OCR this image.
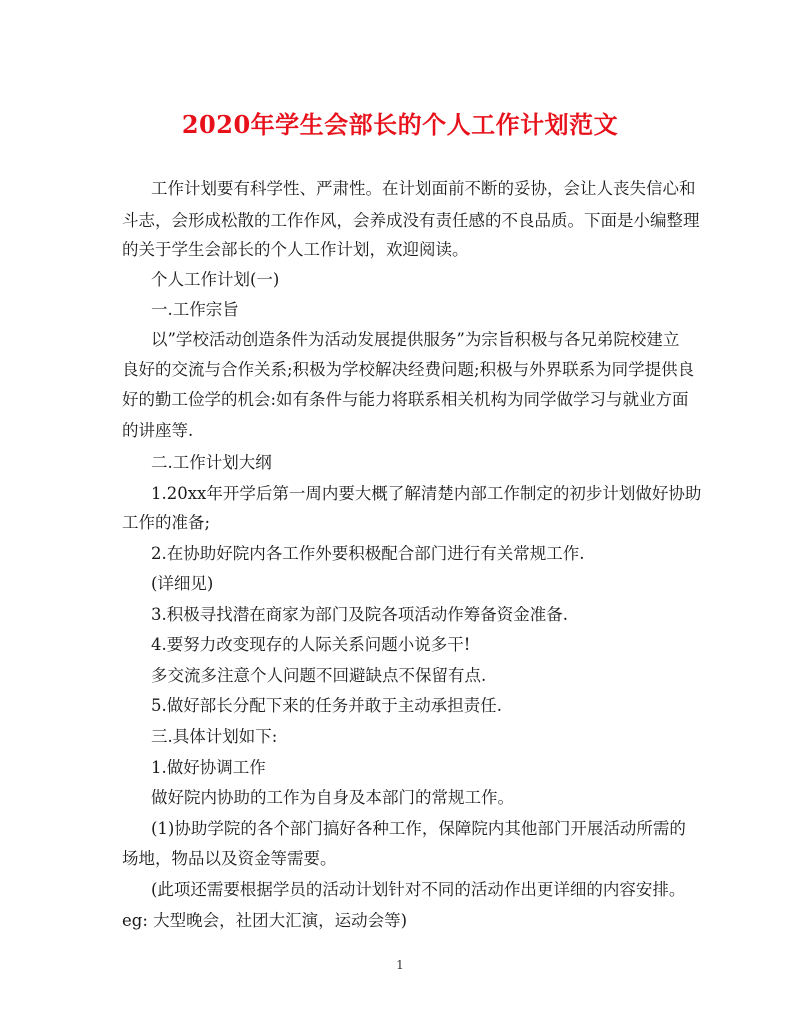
2020年学生会部长的个人工作计划范文
工作计划要有科学性、严肃性。在计划面前不断的妥协，会让人丧失信心和
斗志，会形成松散的工作作风，会养成没有责任感的不良品质。下面是小编整理
的关于学生会部长的个人工作计划，欢迎阅读。
个人工作计划(一)
一.工作宗旨
以”学校活动创造条件为活动发展提供服务”为宗旨积极与各兄弟院校建立
良好的交流与合作关系;积极为学校解决经费问题;积极与外界联系为同学提供良
好的勤工俭学的机会:如有条件与能力将联系相关机构为同学做学习与就业方面
的讲座等.
二.工作计划大纲
1.20xx年开学后第一周内要大概了解清楚内部工作制定的初步计划做好协助
工作的准备;
2.在协助好院内各工作外要积极配合部门进行有关常规工作.
(详细见)
3.积极寻找潜在商家为部门及院各项活动作筹备资金准备.
4.要努力改变现存的人际关系问题小说多干!
多交流多注意个人问题不回避缺点不保留有点.
5.做好部长分配下来的任务并敢于主动承担责任.
三.具体计划如下:
1.做好协调工作
做好院内协助的工作为自身及本部门的常规工作。
(1)协助学院的各个部门搞好各种工作，保障院内其他部门开展活动所需的
场地，物品以及资金等需要。
(此项还需要根据学员的活动计划针对不同的活动作出更详细的内容安排。
eg: 大型晚会，社团大汇演，运动会等)
1
